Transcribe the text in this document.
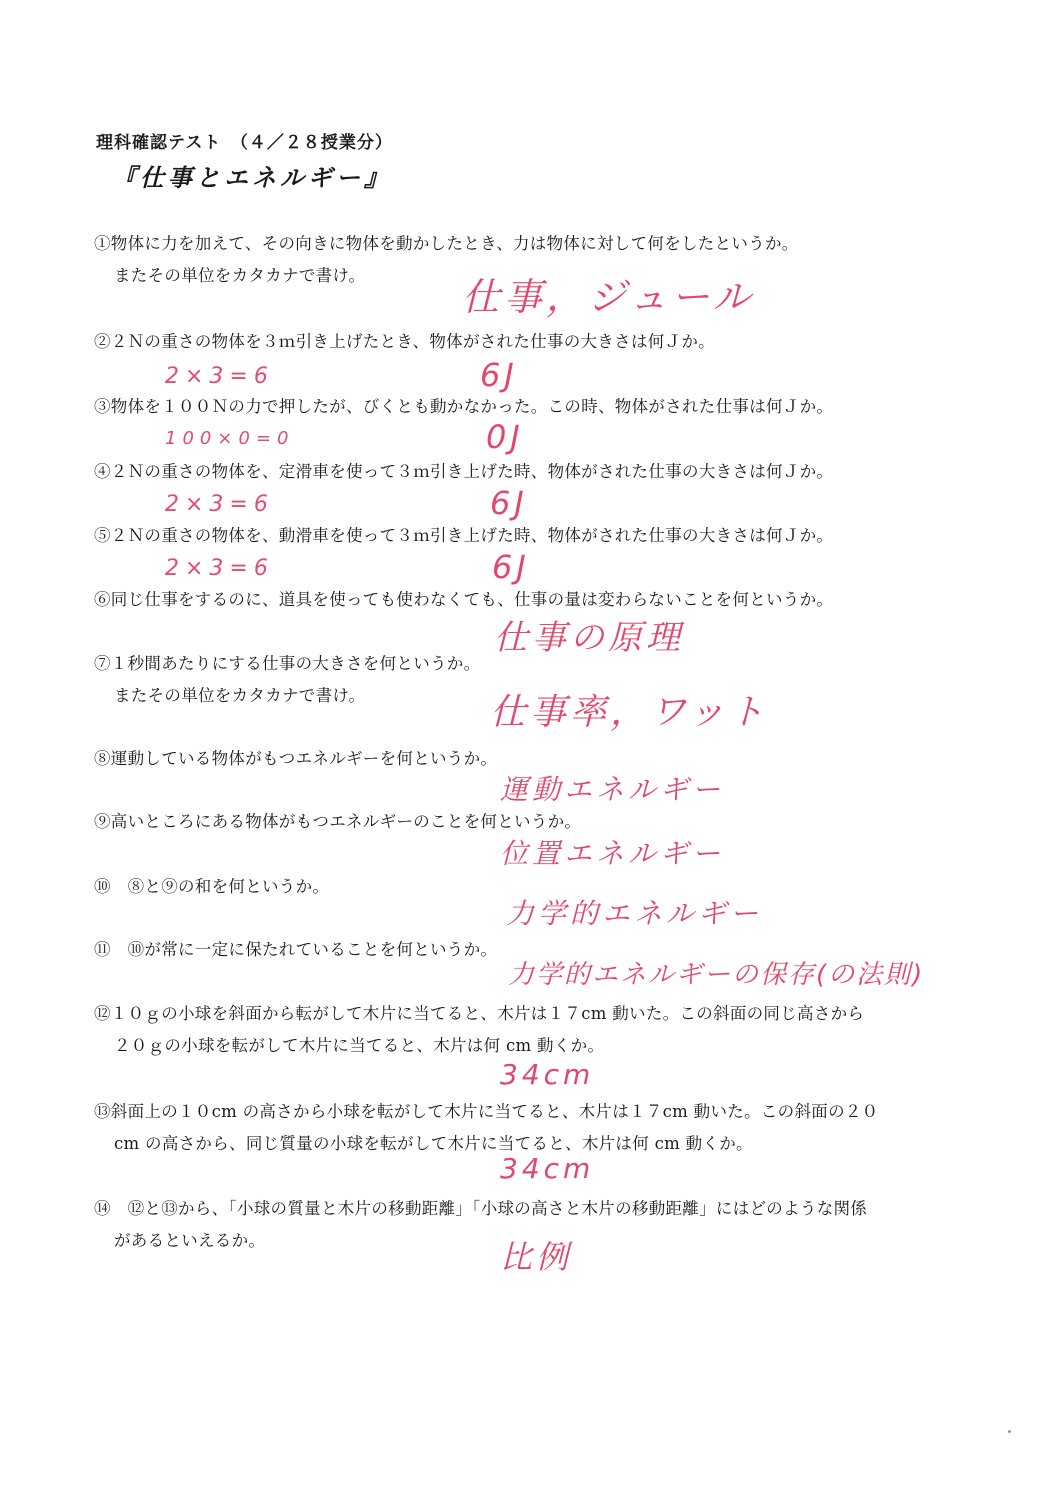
理科確認テスト　（４／２８授業分）
『仕事とエネルギー』
①物体に力を加えて、その向きに物体を動かしたとき、力は物体に対して何をしたというか。
またその単位をカタカナで書け。	仕事，ジュール
②２Ｎの重さの物体を３ｍ引き上げたとき、物体がされた仕事の大きさは何Ｊか。
2×3=6	6J
③物体を１００Ｎの力で押したが、びくとも動かなかった。この時、物体がされた仕事は何Ｊか。
100×0=0	0J
④２Ｎの重さの物体を、定滑車を使って３ｍ引き上げた時、物体がされた仕事の大きさは何Ｊか。
2×3=6	6J
⑤２Ｎの重さの物体を、動滑車を使って３ｍ引き上げた時、物体がされた仕事の大きさは何Ｊか。
2×3=6	6J
⑥同じ仕事をするのに、道具を使っても使わなくても、仕事の量は変わらないことを何というか。
仕事の原理
⑦１秒間あたりにする仕事の大きさを何というか。
またその単位をカタカナで書け。	仕事率，ワット
⑧運動している物体がもつエネルギーを何というか。
運動エネルギー
⑨高いところにある物体がもつエネルギーのことを何というか。
位置エネルギー
⑩　⑧と⑨の和を何というか。
力学的エネルギー
⑪　⑩が常に一定に保たれていることを何というか。
力学的エネルギーの保存(の法則)
⑫１０ｇの小球を斜面から転がして木片に当てると、木片は１７cm 動いた。この斜面の同じ高さから
２０ｇの小球を転がして木片に当てると、木片は何 cm 動くか。
34cm
⑬斜面上の１０cm の高さから小球を転がして木片に当てると、木片は１７cm 動いた。この斜面の２０
cm の高さから、同じ質量の小球を転がして木片に当てると、木片は何 cm 動くか。
34cm
⑭　⑫と⑬から、「小球の質量と木片の移動距離」「小球の高さと木片の移動距離」にはどのような関係
があるといえるか。	比例
